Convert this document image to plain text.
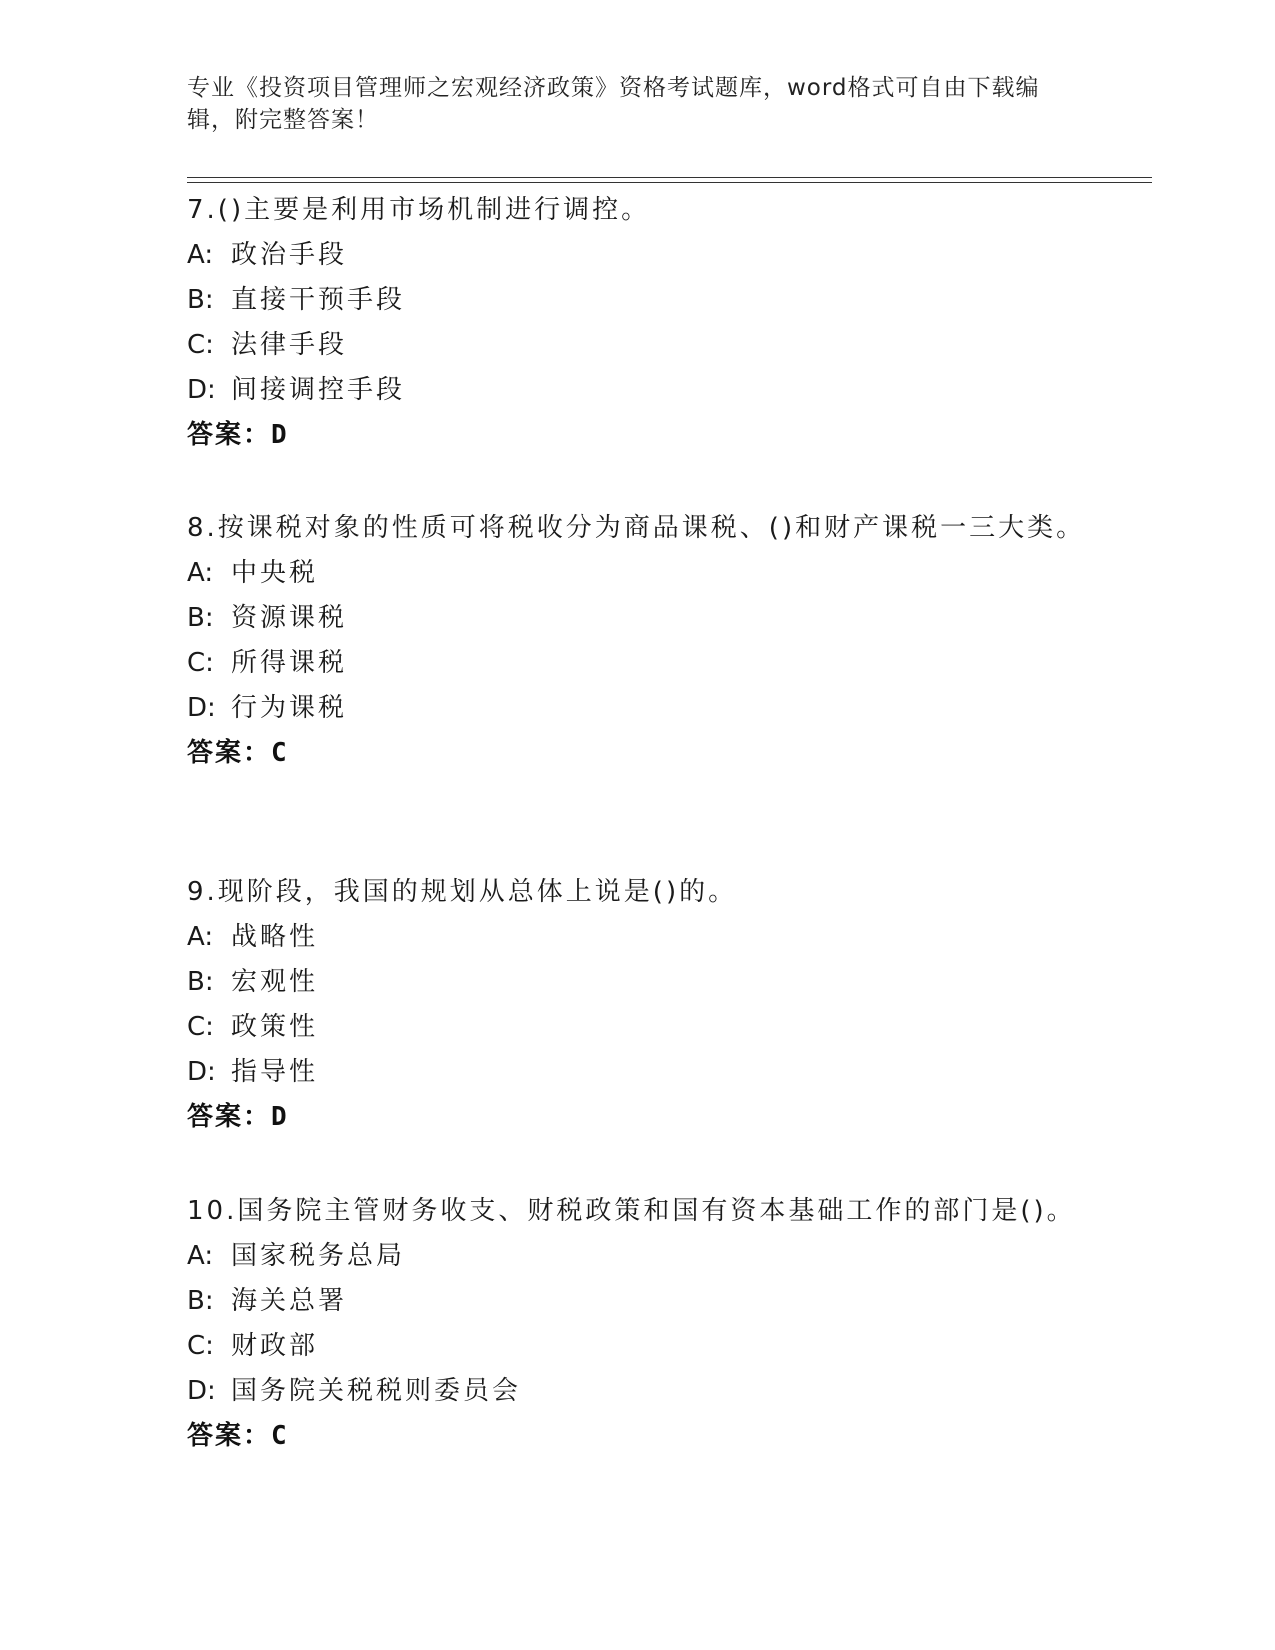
专业《投资项目管理师之宏观经济政策》资格考试题库，word格式可自由下载编辑，附完整答案！
7.()主要是利用市场机制进行调控。
A: 政治手段
B: 直接干预手段
C: 法律手段
D: 间接调控手段
答案：D
8.按课税对象的性质可将税收分为商品课税、()和财产课税一三大类。
A: 中央税
B: 资源课税
C: 所得课税
D: 行为课税
答案：C
9.现阶段，我国的规划从总体上说是()的。
A: 战略性
B: 宏观性
C: 政策性
D: 指导性
答案：D
10.国务院主管财务收支、财税政策和国有资本基础工作的部门是()。
A: 国家税务总局
B: 海关总署
C: 财政部
D: 国务院关税税则委员会
答案：C
